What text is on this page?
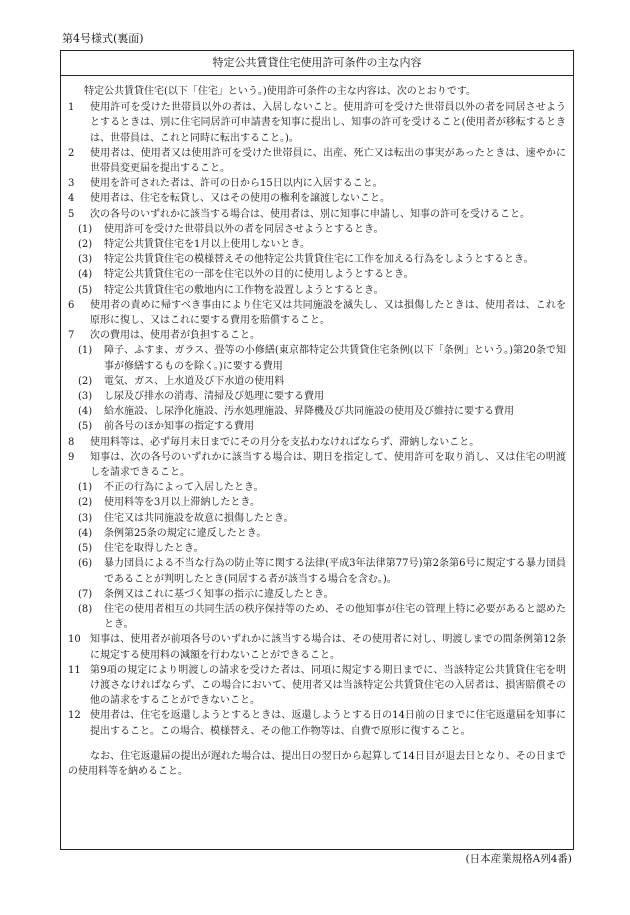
第4号様式(裏面)
特定公共賃貸住宅使用許可条件の主な内容

特定公共賃貸住宅(以下「住宅」という。)使用許可条件の主な内容は、次のとおりです。

1	使用許可を受けた世帯員以外の者は、入居しないこと。使用許可を受けた世帯員以外の者を同居させようとするときは、別に住宅同居許可申請書を知事に提出し、知事の許可を受けること(使用者が移転するときは、世帯員は、これと同時に転出すること。)。
2	使用者は、使用者又は使用許可を受けた世帯員に、出産、死亡又は転出の事実があったときは、速やかに世帯員変更届を提出すること。
3	使用を許可された者は、許可の日から15日以内に入居すること。
4	使用者は、住宅を転貸し、又はその使用の権利を譲渡しないこと。
5	次の各号のいずれかに該当する場合は、使用者は、別に知事に申請し、知事の許可を受けること。
(1)	使用許可を受けた世帯員以外の者を同居させようとするとき。
(2)	特定公共賃貸住宅を1月以上使用しないとき。
(3)	特定公共賃貸住宅の模様替えその他特定公共賃貸住宅に工作を加える行為をしようとするとき。
(4)	特定公共賃貸住宅の一部を住宅以外の目的に使用しようとするとき。
(5)	特定公共賃貸住宅の敷地内に工作物を設置しようとするとき。
6	使用者の責めに帰すべき事由により住宅又は共同施設を滅失し、又は損傷したときは、使用者は、これを原形に復し、又はこれに要する費用を賠償すること。
7	次の費用は、使用者が負担すること。
(1)	障子、ふすま、ガラス、畳等の小修繕(東京都特定公共賃貸住宅条例(以下「条例」という。)第20条で知事が修繕するものを除く。)に要する費用
(2)	電気、ガス、上水道及び下水道の使用料
(3)	し尿及び排水の消毒、清掃及び処理に要する費用
(4)	給水施設、し尿浄化施設、汚水処理施設、昇降機及び共同施設の使用及び維持に要する費用
(5)	前各号のほか知事の指定する費用
8	使用料等は、必ず毎月末日までにその月分を支払わなければならず、滞納しないこと。
9	知事は、次の各号のいずれかに該当する場合は、期日を指定して、使用許可を取り消し、又は住宅の明渡しを請求できること。
(1)	不正の行為によって入居したとき。
(2)	使用料等を3月以上滞納したとき。
(3)	住宅又は共同施設を故意に損傷したとき。
(4)	条例第25条の規定に違反したとき。
(5)	住宅を取得したとき。
(6)	暴力団員による不当な行為の防止等に関する法律(平成3年法律第77号)第2条第6号に規定する暴力団員であることが判明したとき(同居する者が該当する場合を含む。)。
(7)	条例又はこれに基づく知事の指示に違反したとき。
(8)	住宅の使用者相互の共同生活の秩序保持等のため、その他知事が住宅の管理上特に必要があると認めたとき。
10 知事は、使用者が前項各号のいずれかに該当する場合は、その使用者に対し、明渡しまでの間条例第12条に規定する使用料の減額を行わないことができること。
11 第9項の規定により明渡しの請求を受けた者は、同項に規定する期日までに、当該特定公共賃貸住宅を明け渡さなければならず、この場合において、使用者又は当該特定公共賃貸住宅の入居者は、損害賠償その他の請求をすることができないこと。
12 使用者は、住宅を返還しようとするときは、返還しようとする日の14日前の日までに住宅返還届を知事に提出すること。この場合、模様替え、その他工作物等は、自費で原形に復すること。

なお、住宅返還届の提出が遅れた場合は、提出日の翌日から起算して14日目が退去日となり、その日までの使用料等を納めること。

(日本産業規格A列4番)
